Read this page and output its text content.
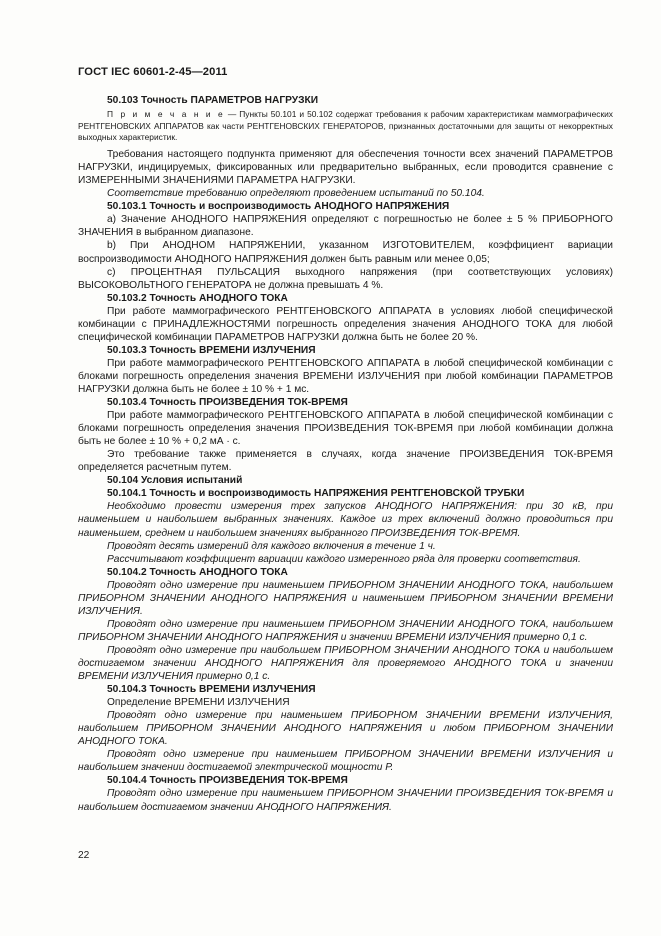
ГОСТ IEC 60601-2-45—2011

50.103 Точность ПАРАМЕТРОВ НАГРУЗКИ

П р и м е ч а н и е — Пункты 50.101 и 50.102 содержат требования к рабочим характеристикам маммографических РЕНТГЕНОВСКИХ АППАРАТОВ как части РЕНТГЕНОВСКИХ ГЕНЕРАТОРОВ, признанных достаточными для защиты от некорректных выходных характеристик.

Требования настоящего подпункта применяют для обеспечения точности всех значений ПАРАМЕТРОВ НАГРУЗКИ, индицируемых, фиксированных или предварительно выбранных, если проводится сравнение с ИЗМЕРЕННЫМИ ЗНАЧЕНИЯМИ ПАРАМЕТРА НАГРУЗКИ.

Соответствие требованию определяют проведением испытаний по 50.104.

50.103.1 Точность и воспроизводимость АНОДНОГО НАПРЯЖЕНИЯ

а) Значение АНОДНОГО НАПРЯЖЕНИЯ определяют с погрешностью не более ± 5 % ПРИБОРНОГО ЗНАЧЕНИЯ в выбранном диапазоне.

b) При АНОДНОМ НАПРЯЖЕНИИ, указанном ИЗГОТОВИТЕЛЕМ, коэффициент вариации воспроизводимости АНОДНОГО НАПРЯЖЕНИЯ должен быть равным или менее 0,05;

с) ПРОЦЕНТНАЯ ПУЛЬСАЦИЯ выходного напряжения (при соответствующих условиях) ВЫСОКОВОЛЬТНОГО ГЕНЕРАТОРА не должна превышать 4 %.

50.103.2 Точность АНОДНОГО ТОКА

При работе маммографического РЕНТГЕНОВСКОГО АППАРАТА в условиях любой специфической комбинации с ПРИНАДЛЕЖНОСТЯМИ погрешность определения значения АНОДНОГО ТОКА для любой специфической комбинации ПАРАМЕТРОВ НАГРУЗКИ должна быть не более 20 %.

50.103.3 Точность ВРЕМЕНИ ИЗЛУЧЕНИЯ

При работе маммографического РЕНТГЕНОВСКОГО АППАРАТА в любой специфической комбинации с блоками погрешность определения значения ВРЕМЕНИ ИЗЛУЧЕНИЯ при любой комбинации ПАРАМЕТРОВ НАГРУЗКИ должна быть не более ± 10 % + 1 мс.

50.103.4 Точность ПРОИЗВЕДЕНИЯ ТОК-ВРЕМЯ

При работе маммографического РЕНТГЕНОВСКОГО АППАРАТА в любой специфической комбинации с блоками погрешность определения значения ПРОИЗВЕДЕНИЯ ТОК-ВРЕМЯ при любой комбинации должна быть не более ± 10 % + 0,2 мА · с.

Это требование также применяется в случаях, когда значение ПРОИЗВЕДЕНИЯ ТОК-ВРЕМЯ определяется расчетным путем.

50.104 Условия испытаний

50.104.1 Точность и воспроизводимость НАПРЯЖЕНИЯ РЕНТГЕНОВСКОЙ ТРУБКИ

Необходимо провести измерения трех запусков АНОДНОГО НАПРЯЖЕНИЯ: при 30 кВ, при наименьшем и наибольшем выбранных значениях. Каждое из трех включений должно проводиться при наименьшем, среднем и наибольшем значениях выбранного ПРОИЗВЕДЕНИЯ ТОК-ВРЕМЯ.

Проводят десять измерений для каждого включения в течение 1 ч.

Рассчитывают коэффициент вариации каждого измеренного ряда для проверки соответствия.

50.104.2 Точность АНОДНОГО ТОКА

Проводят одно измерение при наименьшем ПРИБОРНОМ ЗНАЧЕНИИ АНОДНОГО ТОКА, наибольшем ПРИБОРНОМ ЗНАЧЕНИИ АНОДНОГО НАПРЯЖЕНИЯ и наименьшем ПРИБОРНОМ ЗНАЧЕНИИ ВРЕМЕНИ ИЗЛУЧЕНИЯ.

Проводят одно измерение при наименьшем ПРИБОРНОМ ЗНАЧЕНИИ АНОДНОГО ТОКА, наибольшем ПРИБОРНОМ ЗНАЧЕНИИ АНОДНОГО НАПРЯЖЕНИЯ и значении ВРЕМЕНИ ИЗЛУЧЕНИЯ примерно 0,1 с.

Проводят одно измерение при наибольшем ПРИБОРНОМ ЗНАЧЕНИИ АНОДНОГО ТОКА и наибольшем достигаемом значении АНОДНОГО НАПРЯЖЕНИЯ для проверяемого АНОДНОГО ТОКА и значении ВРЕМЕНИ ИЗЛУЧЕНИЯ примерно 0,1 с.

50.104.3 Точность ВРЕМЕНИ ИЗЛУЧЕНИЯ

Определение ВРЕМЕНИ ИЗЛУЧЕНИЯ

Проводят одно измерение при наименьшем ПРИБОРНОМ ЗНАЧЕНИИ ВРЕМЕНИ ИЗЛУЧЕНИЯ, наибольшем ПРИБОРНОМ ЗНАЧЕНИИ АНОДНОГО НАПРЯЖЕНИЯ и любом ПРИБОРНОМ ЗНАЧЕНИИ АНОДНОГО ТОКА.

Проводят одно измерение при наименьшем ПРИБОРНОМ ЗНАЧЕНИИ ВРЕМЕНИ ИЗЛУЧЕНИЯ и наибольшем значении достигаемой электрической мощности Р.

50.104.4 Точность ПРОИЗВЕДЕНИЯ ТОК-ВРЕМЯ

Проводят одно измерение при наименьшем ПРИБОРНОМ ЗНАЧЕНИИ ПРОИЗВЕДЕНИЯ ТОК-ВРЕМЯ и наибольшем достигаемом значении АНОДНОГО НАПРЯЖЕНИЯ.

22
